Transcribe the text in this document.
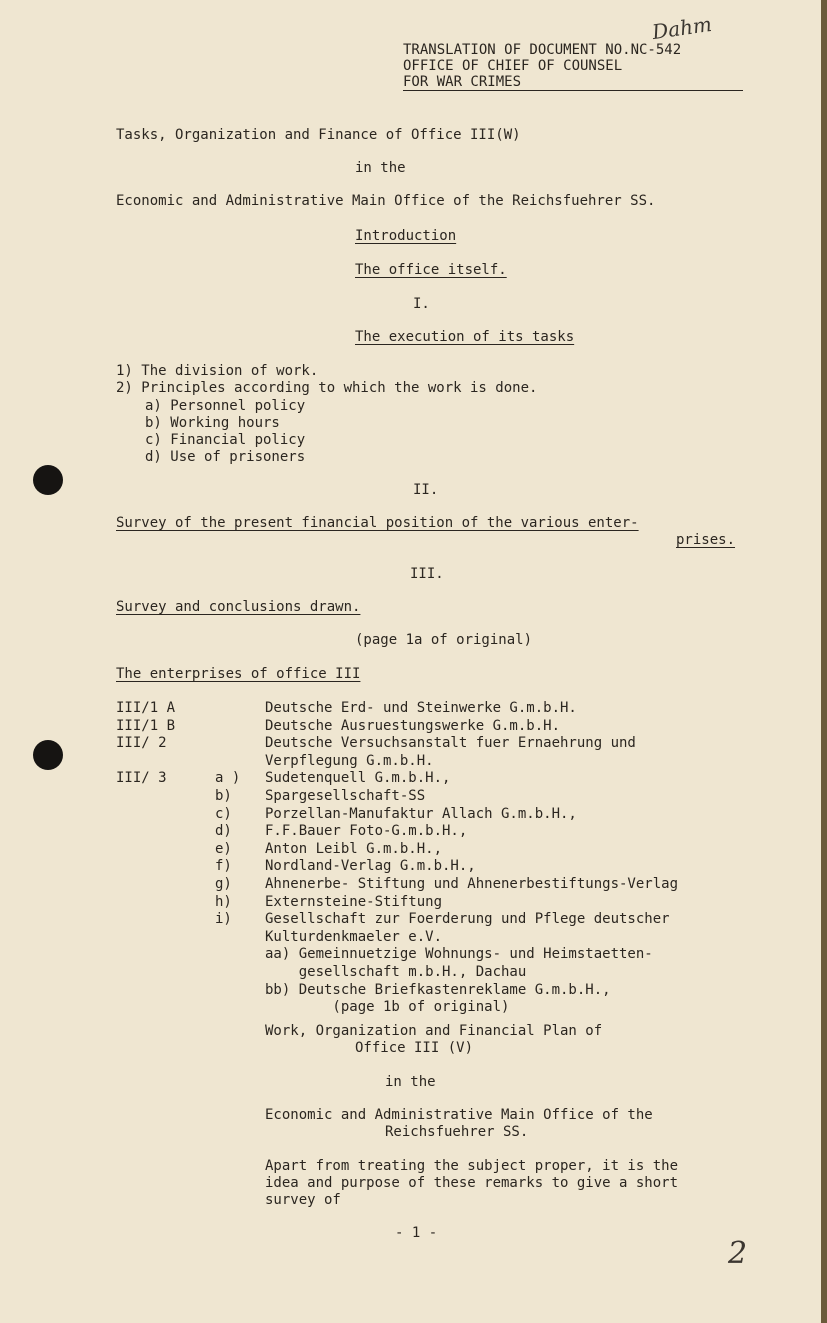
Dahm
TRANSLATION OF DOCUMENT NO.NC-542
OFFICE OF CHIEF OF COUNSEL
FOR WAR CRIMES
Tasks, Organization and Finance of Office III(W)
in the
Economic and Administrative Main Office of the Reichsfuehrer SS.
Introduction
The office itself.
I.
The execution of its tasks
1) The division of work.
2) Principles according to which the work is done.
a) Personnel policy
b) Working hours
c) Financial policy
d) Use of prisoners
II.
Survey of the present financial position of the various enter-
prises.
III.
Survey and conclusions drawn.
(page 1a of original)
The enterprises of office III
III/1 A	Deutsche Erd- und Steinwerke G.m.b.H.
III/1 B	Deutsche Ausruestungswerke G.m.b.H.
III/ 2	Deutsche Versuchsanstalt fuer Ernaehrung und
Verpflegung G.m.b.H.
III/ 3	a ) Sudetenquell G.m.b.H.,
b) Spargesellschaft-SS
c) Porzellan-Manufaktur Allach G.m.b.H.,
d) F.F.Bauer Foto-G.m.b.H.,
e) Anton Leibl G.m.b.H.,
f) Nordland-Verlag G.m.b.H.,
g) Ahnenerbe- Stiftung und Ahnenerbestiftungs-Verlag
h) Externsteine-Stiftung
i) Gesellschaft zur Foerderung und Pflege deutscher
Kulturdenkmaeler e.V.
aa) Gemeinnuetzige Wohnungs- und Heimstaetten-
gesellschaft m.b.H., Dachau
bb) Deutsche Briefkastenreklame G.m.b.H.,
(page 1b of original)
Work, Organization and Financial Plan of
Office III (V)
in the
Economic and Administrative Main Office of the
Reichsfuehrer SS.
Apart from treating the subject proper, it is the
idea and purpose of these remarks to give a short
survey of
- 1 -
2
